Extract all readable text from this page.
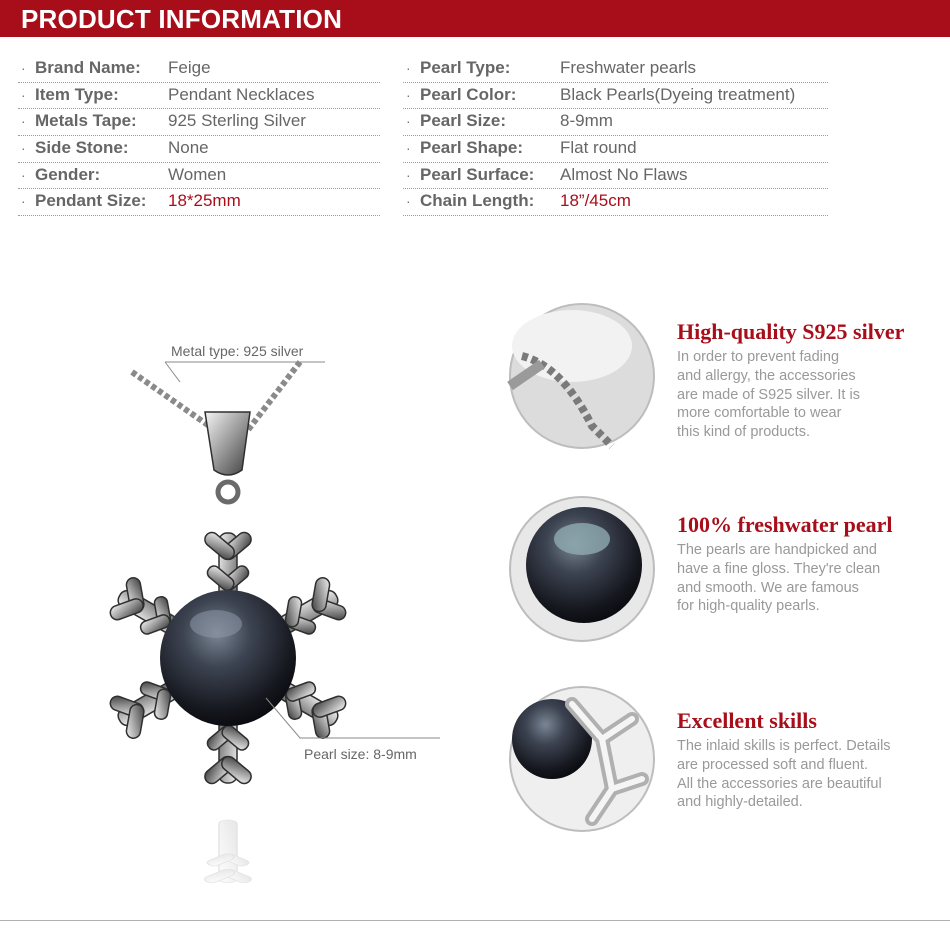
PRODUCT INFORMATION
· Brand Name: Feige
· Item Type:	Pendant Necklaces
· Metals Tape: 925 Sterling Silver
· Side Stone: None
· Gender:	Women
· Pendant Size: 18*25mm
· Pearl Type:	Freshwater pearls
· Pearl Color:	Black Pearls(Dyeing treatment)
· Pearl Size:	8-9mm
· Pearl Shape: Flat round
· Pearl Surface: Almost No Flaws
· Chain Length: 18”/45cm
Metal type: 925 silver
Pearl size: 8-9mm
High-quality S925 silver
In order to prevent fading
and allergy, the accessories
are made of S925 silver. It is
more comfortable to wear
this kind of products.
100% freshwater pearl
The pearls are handpicked and
have a fine gloss. They're clean
and smooth. We are famous
for high-quality pearls.
Excellent skills
The inlaid skills is perfect. Details
are processed soft and fluent.
All the accessories are beautiful
and highly-detailed.
